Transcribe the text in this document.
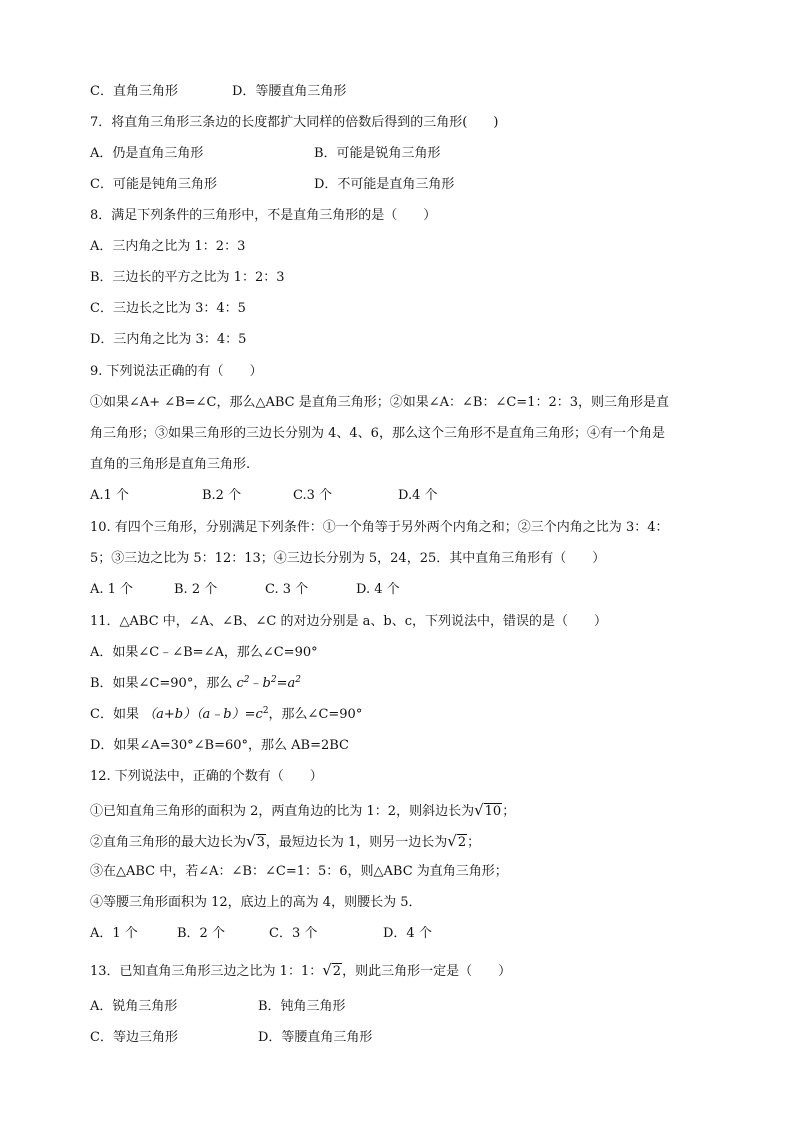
C．直角三角形	D．等腰直角三角形
7．将直角三角形三条边的长度都扩大同样的倍数后得到的三角形(　　)
A．仍是直角三角形	B．可能是锐角三角形
C．可能是钝角三角形	D．不可能是直角三角形
8．满足下列条件的三角形中，不是直角三角形的是（　　）
A．三内角之比为 1：2：3
B．三边长的平方之比为 1：2：3
C．三边长之比为 3：4：5
D．三内角之比为 3：4：5
9. 下列说法正确的有（　　）
①如果∠A+ ∠B=∠C，那么△ABC 是直角三角形；②如果∠A：∠B：∠C=1：2：3，则三角形是直
角三角形；③如果三角形的三边长分别为 4、4、6，那么这个三角形不是直角三角形；④有一个角是
直角的三角形是直角三角形.
A.1 个	B.2 个	C.3 个	D.4 个
10. 有四个三角形，分别满足下列条件：①一个角等于另外两个内角之和；②三个内角之比为 3：4：
5；③三边之比为 5：12：13；④三边长分别为 5，24，25．其中直角三角形有（　　）
A. 1 个	B. 2 个	C. 3 个	D. 4 个
11．△ABC 中，∠A、∠B、∠C 的对边分别是 a、b、c，下列说法中，错误的是（　　）
A．如果∠C﹣∠B=∠A，那么∠C=90°
B．如果∠C=90°，那么 $c^2﹣b^2=a^2$
C．如果 $(a+b)(a﹣b)=c^2$，那么∠C=90°
D．如果∠A=30°∠B=60°，那么 AB=2BC
12. 下列说法中，正确的个数有（　　）
①已知直角三角形的面积为 2，两直角边的比为 1：2，则斜边长为√10；
②直角三角形的最大边长为√3，最短边长为 1，则另一边长为√2；
③在△ABC 中，若∠A：∠B：∠C=1：5：6，则△ABC 为直角三角形；
④等腰三角形面积为 12，底边上的高为 4，则腰长为 5．
A．1 个	B．2 个	C．3 个	D．4 个
13．已知直角三角形三边之比为 1：1：√2，则此三角形一定是（　　）
A．锐角三角形	B．钝角三角形
C．等边三角形	D．等腰直角三角形
